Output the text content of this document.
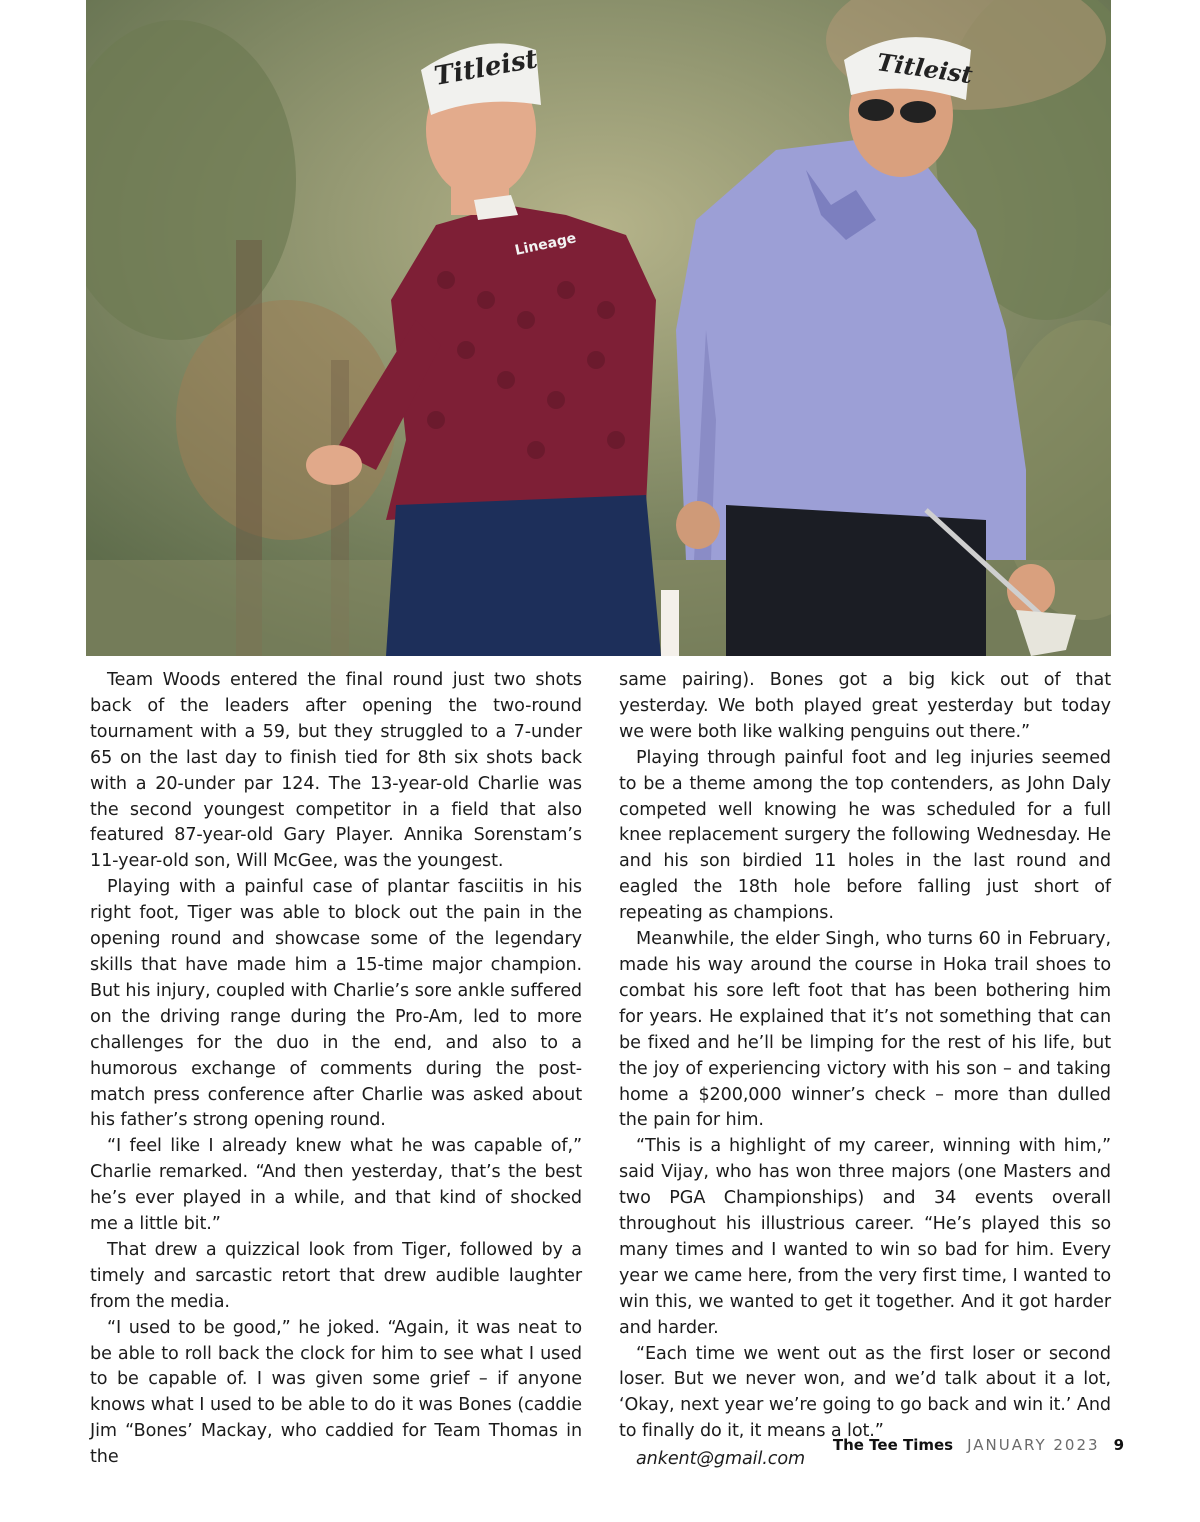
Titleist
Lineage
Titleist

Team Woods entered the final round just two shots back of the leaders after opening the two-round tournament with a 59, but they struggled to a 7-under 65 on the last day to finish tied for 8th six shots back with a 20-under par 124. The 13-year-old Charlie was the second youngest competitor in a field that also featured 87-year-old Gary Player. Annika Sorenstam’s 11-year-old son, Will McGee, was the youngest.

Playing with a painful case of plantar fasciitis in his right foot, Tiger was able to block out the pain in the opening round and showcase some of the legendary skills that have made him a 15-time major champion. But his injury, coupled with Charlie’s sore ankle suffered on the driving range during the Pro-Am, led to more challenges for the duo in the end, and also to a humorous exchange of comments during the post-match press conference after Charlie was asked about his father’s strong opening round.

“I feel like I already knew what he was capable of,” Charlie remarked. “And then yesterday, that’s the best he’s ever played in a while, and that kind of shocked me a little bit.”

That drew a quizzical look from Tiger, followed by a timely and sarcastic retort that drew audible laughter from the media.

“I used to be good,” he joked. “Again, it was neat to be able to roll back the clock for him to see what I used to be capable of. I was given some grief – if anyone knows what I used to be able to do it was Bones (caddie Jim “Bones’ Mackay, who caddied for Team Thomas in the

same pairing). Bones got a big kick out of that yesterday. We both played great yesterday but today we were both like walking penguins out there.”

Playing through painful foot and leg injuries seemed to be a theme among the top contenders, as John Daly competed well knowing he was scheduled for a full knee replacement surgery the following Wednesday. He and his son birdied 11 holes in the last round and eagled the 18th hole before falling just short of repeating as champions.

Meanwhile, the elder Singh, who turns 60 in February, made his way around the course in Hoka trail shoes to combat his sore left foot that has been bothering him for years. He explained that it’s not something that can be fixed and he’ll be limping for the rest of his life, but the joy of experiencing victory with his son – and taking home a $200,000 winner’s check – more than dulled the pain for him.

“This is a highlight of my career, winning with him,” said Vijay, who has won three majors (one Masters and two PGA Championships) and 34 events overall throughout his illustrious career. “He’s played this so many times and I wanted to win so bad for him. Every year we came here, from the very first time, I wanted to win this, we wanted to get it together. And it got harder and harder.

“Each time we went out as the first loser or second loser. But we never won, and we’d talk about it a lot, ‘Okay, next year we’re going to go back and win it.’ And to finally do it, it means a lot.”

ankent@gmail.com

The Tee Times JANUARY 2023 9
